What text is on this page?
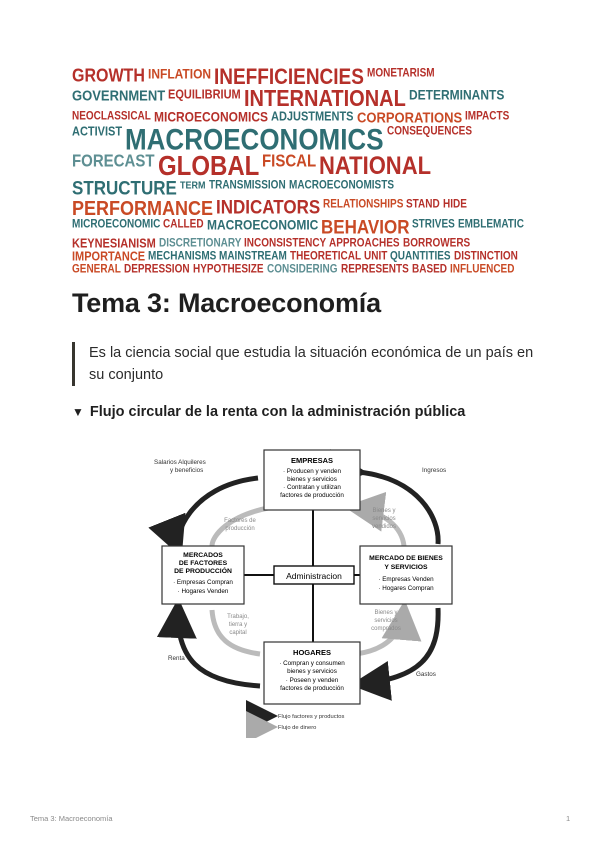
GROWTH INFLATION INEFFICIENCIES MONETARISM
GOVERNMENT EQUILIBRIUM INTERNATIONAL DETERMINANTS
NEOCLASSICAL MICROECONOMICS ADJUSTMENTS CORPORATIONS IMPACTS
ACTIVIST MACROECONOMICS CONSEQUENCES
FORECAST GLOBAL FISCAL NATIONAL
STRUCTURE TERM TRANSMISSION MACROECONOMISTS
PERFORMANCE INDICATORS RELATIONSHIPS STAND HIDE
MICROECONOMIC CALLED MACROECONOMIC BEHAVIOR STRIVES EMBLEMATIC
KEYNESIANISM DISCRETIONARY INCONSISTENCY APPROACHES BORROWERS
IMPORTANCE MECHANISMS MAINSTREAM THEORETICAL UNIT QUANTITIES DISTINCTION
GENERAL DEPRESSION HYPOTHESIZE CONSIDERING REPRESENTS BASED INFLUENCED
Tema 3: Macroeconomía
Es la ciencia social que estudia la situación económica de un país en su conjunto
▼ Flujo circular de la renta con la administración pública
EMPRESAS
· Producen y venden
bienes y servicios
· Contratan y utilizan
factores de producción
MERCADOS
DE FACTORES
DE PRODUCCIÓN
· Empresas Compran
· Hogares Venden
MERCADO DE BIENES
Y SERVICIOS
· Empresas Venden
· Hogares Compran
Administracion
HOGARES
· Compran y consumen
bienes y servicios
· Poseen y venden
factores de producción
Salarios Alquileres
y beneficios	Ingresos
Renta
Gastos
Factores de
producción
Bienes y
servicios
vendidos
Trabajo,
tierra y
capital
Bienes y
servicios
comprados
Flujo factores y productos
Flujo de dinero
Tema 3: Macroeconomía	1
